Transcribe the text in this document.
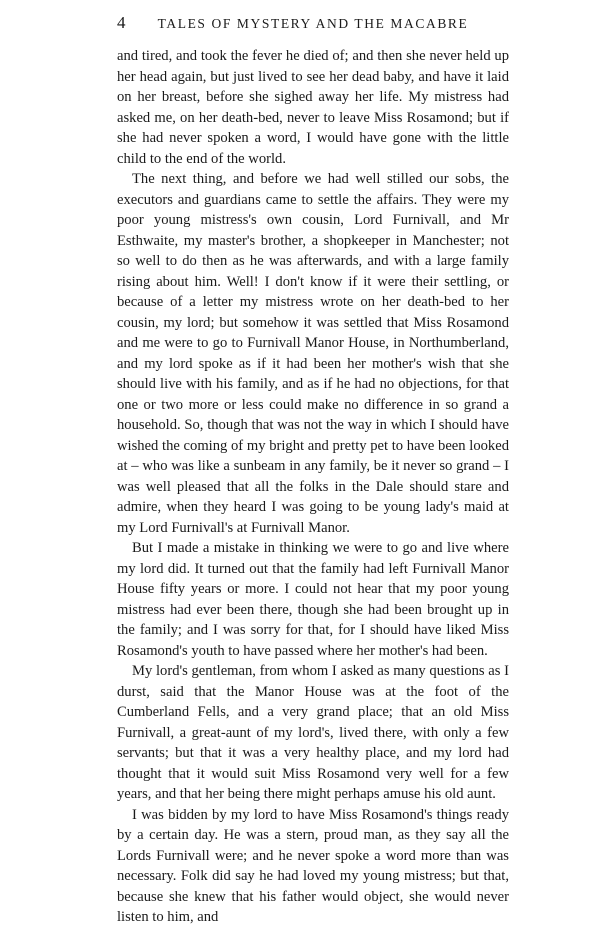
4	TALES OF MYSTERY AND THE MACABRE

and tired, and took the fever he died of; and then she never held up her head again, but just lived to see her dead baby, and have it laid on her breast, before she sighed away her life. My mistress had asked me, on her death-bed, never to leave Miss Rosamond; but if she had never spoken a word, I would have gone with the little child to the end of the world.

The next thing, and before we had well stilled our sobs, the executors and guardians came to settle the affairs. They were my poor young mistress's own cousin, Lord Furnivall, and Mr Esthwaite, my master's brother, a shopkeeper in Manchester; not so well to do then as he was afterwards, and with a large family rising about him. Well! I don't know if it were their settling, or because of a letter my mistress wrote on her death-bed to her cousin, my lord; but somehow it was settled that Miss Rosamond and me were to go to Furnivall Manor House, in Northumberland, and my lord spoke as if it had been her mother's wish that she should live with his family, and as if he had no objections, for that one or two more or less could make no difference in so grand a household. So, though that was not the way in which I should have wished the coming of my bright and pretty pet to have been looked at – who was like a sunbeam in any family, be it never so grand – I was well pleased that all the folks in the Dale should stare and admire, when they heard I was going to be young lady's maid at my Lord Furnivall's at Furnivall Manor.

But I made a mistake in thinking we were to go and live where my lord did. It turned out that the family had left Furnivall Manor House fifty years or more. I could not hear that my poor young mistress had ever been there, though she had been brought up in the family; and I was sorry for that, for I should have liked Miss Rosamond's youth to have passed where her mother's had been.

My lord's gentleman, from whom I asked as many questions as I durst, said that the Manor House was at the foot of the Cumberland Fells, and a very grand place; that an old Miss Furnivall, a great-aunt of my lord's, lived there, with only a few servants; but that it was a very healthy place, and my lord had thought that it would suit Miss Rosamond very well for a few years, and that her being there might perhaps amuse his old aunt.

I was bidden by my lord to have Miss Rosamond's things ready by a certain day. He was a stern, proud man, as they say all the Lords Furnivall were; and he never spoke a word more than was necessary. Folk did say he had loved my young mistress; but that, because she knew that his father would object, she would never listen to him, and
